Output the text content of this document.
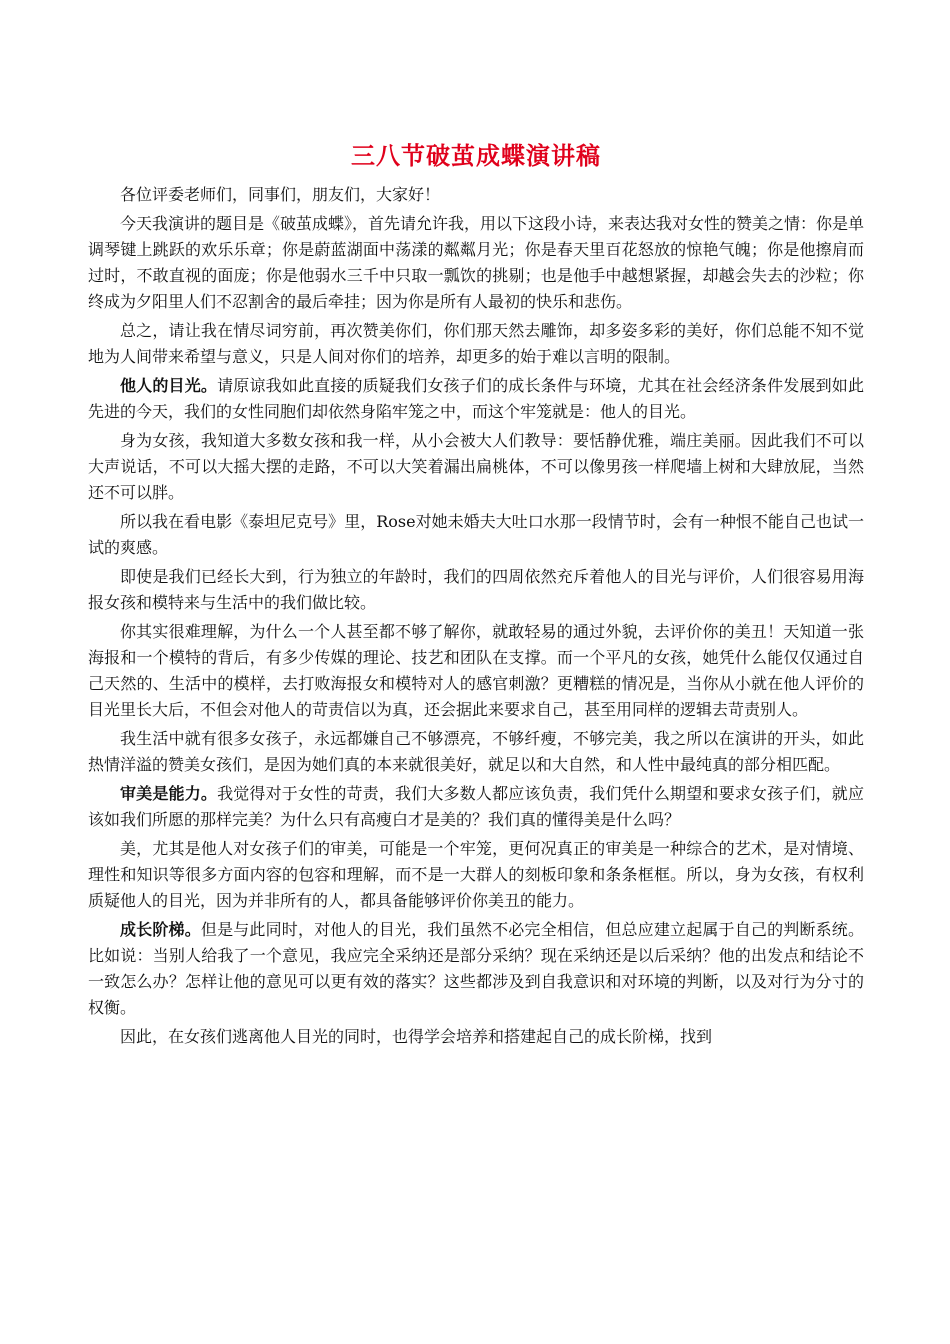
三八节破茧成蝶演讲稿

各位评委老师们，同事们，朋友们，大家好！

今天我演讲的题目是《破茧成蝶》，首先请允许我，用以下这段小诗，来表达我对女性的赞美之情：你是单调琴键上跳跃的欢乐乐章；你是蔚蓝湖面中荡漾的粼粼月光；你是春天里百花怒放的惊艳气魄；你是他擦肩而过时，不敢直视的面庞；你是他弱水三千中只取一瓢饮的挑剔；也是他手中越想紧握，却越会失去的沙粒；你终成为夕阳里人们不忍割舍的最后牵挂；因为你是所有人最初的快乐和悲伤。

总之，请让我在情尽词穷前，再次赞美你们，你们那天然去雕饰，却多姿多彩的美好，你们总能不知不觉地为人间带来希望与意义，只是人间对你们的培养，却更多的始于难以言明的限制。

他人的目光。请原谅我如此直接的质疑我们女孩子们的成长条件与环境，尤其在社会经济条件发展到如此先进的今天，我们的女性同胞们却依然身陷牢笼之中，而这个牢笼就是：他人的目光。

身为女孩，我知道大多数女孩和我一样，从小会被大人们教导：要恬静优雅，端庄美丽。因此我们不可以大声说话，不可以大摇大摆的走路，不可以大笑着漏出扁桃体，不可以像男孩一样爬墙上树和大肆放屁，当然还不可以胖。

所以我在看电影《泰坦尼克号》里，Rose对她未婚夫大吐口水那一段情节时，会有一种恨不能自己也试一试的爽感。

即使是我们已经长大到，行为独立的年龄时，我们的四周依然充斥着他人的目光与评价，人们很容易用海报女孩和模特来与生活中的我们做比较。

你其实很难理解，为什么一个人甚至都不够了解你，就敢轻易的通过外貌，去评价你的美丑！天知道一张海报和一个模特的背后，有多少传媒的理论、技艺和团队在支撑。而一个平凡的女孩，她凭什么能仅仅通过自己天然的、生活中的模样，去打败海报女和模特对人的感官刺激？更糟糕的情况是，当你从小就在他人评价的目光里长大后，不但会对他人的苛责信以为真，还会据此来要求自己，甚至用同样的逻辑去苛责别人。

我生活中就有很多女孩子，永远都嫌自己不够漂亮，不够纤瘦，不够完美，我之所以在演讲的开头，如此热情洋溢的赞美女孩们，是因为她们真的本来就很美好，就足以和大自然，和人性中最纯真的部分相匹配。

审美是能力。我觉得对于女性的苛责，我们大多数人都应该负责，我们凭什么期望和要求女孩子们，就应该如我们所愿的那样完美？为什么只有高瘦白才是美的？我们真的懂得美是什么吗？

美，尤其是他人对女孩子们的审美，可能是一个牢笼，更何况真正的审美是一种综合的艺术，是对情境、理性和知识等很多方面内容的包容和理解，而不是一大群人的刻板印象和条条框框。所以，身为女孩，有权利质疑他人的目光，因为并非所有的人，都具备能够评价你美丑的能力。

成长阶梯。但是与此同时，对他人的目光，我们虽然不必完全相信，但总应建立起属于自己的判断系统。比如说：当别人给我了一个意见，我应完全采纳还是部分采纳？现在采纳还是以后采纳？他的出发点和结论不一致怎么办？怎样让他的意见可以更有效的落实？这些都涉及到自我意识和对环境的判断，以及对行为分寸的权衡。

因此，在女孩们逃离他人目光的同时，也得学会培养和搭建起自己的成长阶梯，找到
